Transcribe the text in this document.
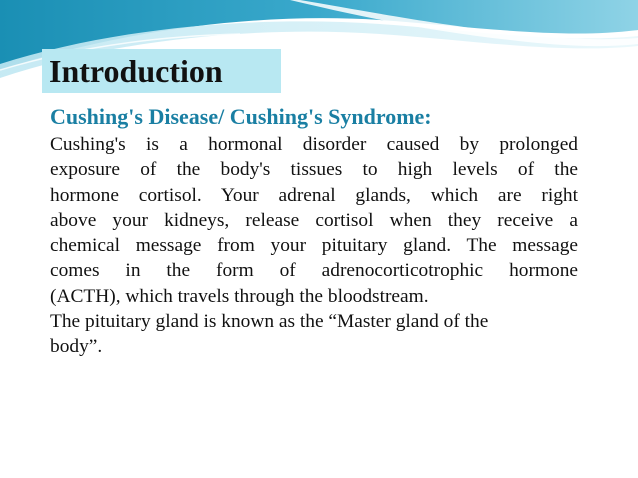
Introduction
Cushing's Disease/ Cushing's Syndrome:

Cushing's is a hormonal disorder caused by prolonged
exposure of the body's tissues to high levels of the
hormone cortisol. Your adrenal glands, which are right
above your kidneys, release cortisol when they receive a
chemical message from your pituitary gland. The message
comes in the form of adrenocorticotrophic hormone
(ACTH), which travels through the bloodstream.

The pituitary gland is known as the “Master gland of the
body”.
